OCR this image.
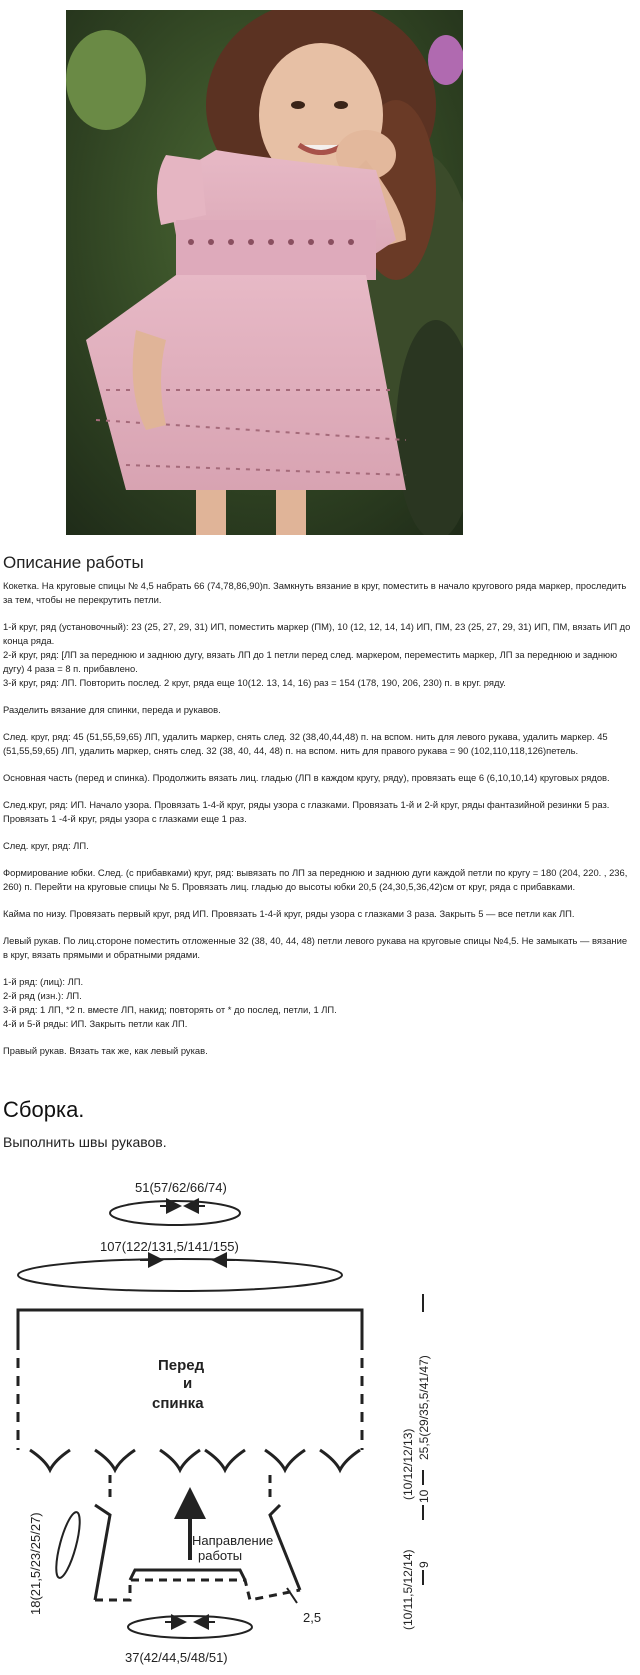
Описание работы

Кокетка. На круговые спицы № 4,5 набрать 66 (74,78,86,90)п. Замкнуть вязание в круг, поместить в начало кругового ряда маркер, проследить за тем, чтобы не перекрутить петли.

1-й круг, ряд (установочный): 23 (25, 27, 29, 31) ИП, поместить маркер (ПМ), 10 (12, 12, 14, 14) ИП, ПМ, 23 (25, 27, 29, 31) ИП, ПМ, вязать ИП до конца ряда.
2-й круг, ряд: [ЛП за переднюю и заднюю дугу, вязать ЛП до 1 петли перед след. маркером, переместить маркер, ЛП за переднюю и заднюю дугу) 4 раза = 8 п. прибавлено.
3-й круг, ряд: ЛП. Повторить послед. 2 круг, ряда еще 10(12. 13, 14, 16) раз = 154 (178, 190, 206, 230) п. в круг. ряду.

Разделить вязание для спинки, переда и рукавов.

След. круг, ряд: 45 (51,55,59,65) ЛП, удалить маркер, снять след. 32 (38,40,44,48) п. на вспом. нить для левого рукава, удалить маркер. 45 (51,55,59,65) ЛП, удалить маркер, снять след. 32 (38, 40, 44, 48) п. на вспом. нить для правого рукава = 90 (102,110,118,126)петель.

Основная часть (перед и спинка). Продолжить вязать лиц. гладью (ЛП в каждом кругу, ряду), провязать еще 6 (6,10,10,14) круговых рядов.

След.круг, ряд: ИП. Начало узора. Провязать 1-4-й круг, ряды узора с глазками. Провязать 1-й и 2-й круг, ряды фантазийной резинки 5 раз. Провязать 1 -4-й круг, ряды узора с глазками еще 1 раз.

След. круг, ряд: ЛП.

Формирование юбки. След. (с прибавками) круг, ряд: вывязать по ЛП за переднюю и заднюю дуги каждой петли по кругу = 180 (204, 220. , 236, 260) п. Перейти на круговые спицы № 5. Провязать лиц. гладью до высоты юбки 20,5 (24,30,5,36,42)см от круг, ряда с прибавками.

Кайма по низу. Провязать первый круг, ряд ИП. Провязать 1-4-й круг, ряды узора с глазками 3 раза. Закрыть 5 — все петли как ЛП.

Левый рукав. По лиц.стороне поместить отложенные 32 (38, 40, 44, 48) петли левого рукава на круговые спицы №4,5. Не замыкать — вязание в круг, вязать прямыми и обратными рядами.

1-й ряд: (лиц): ЛП.
2-й ряд (изн.): ЛП.
3-й ряд: 1 ЛП, *2 п. вместе ЛП, накид; повторять от * до послед, петли, 1 ЛП.
4-й и 5-й ряды: ИП. Закрыть петли как ЛП.

Правый рукав. Вязать так же, как левый рукав.

Сборка.
Выполнить швы рукавов.
51(57/62/66/74)
107(122/131,5/141/155)
Перед
и
спинка
Направление
работы
18(21,5/23/25/27)
37(42/44,5/48/51)
2,5
25,5(29/35,5/41/47)
10
9
(10/12/12/13)
(10/11,5/12/14)
